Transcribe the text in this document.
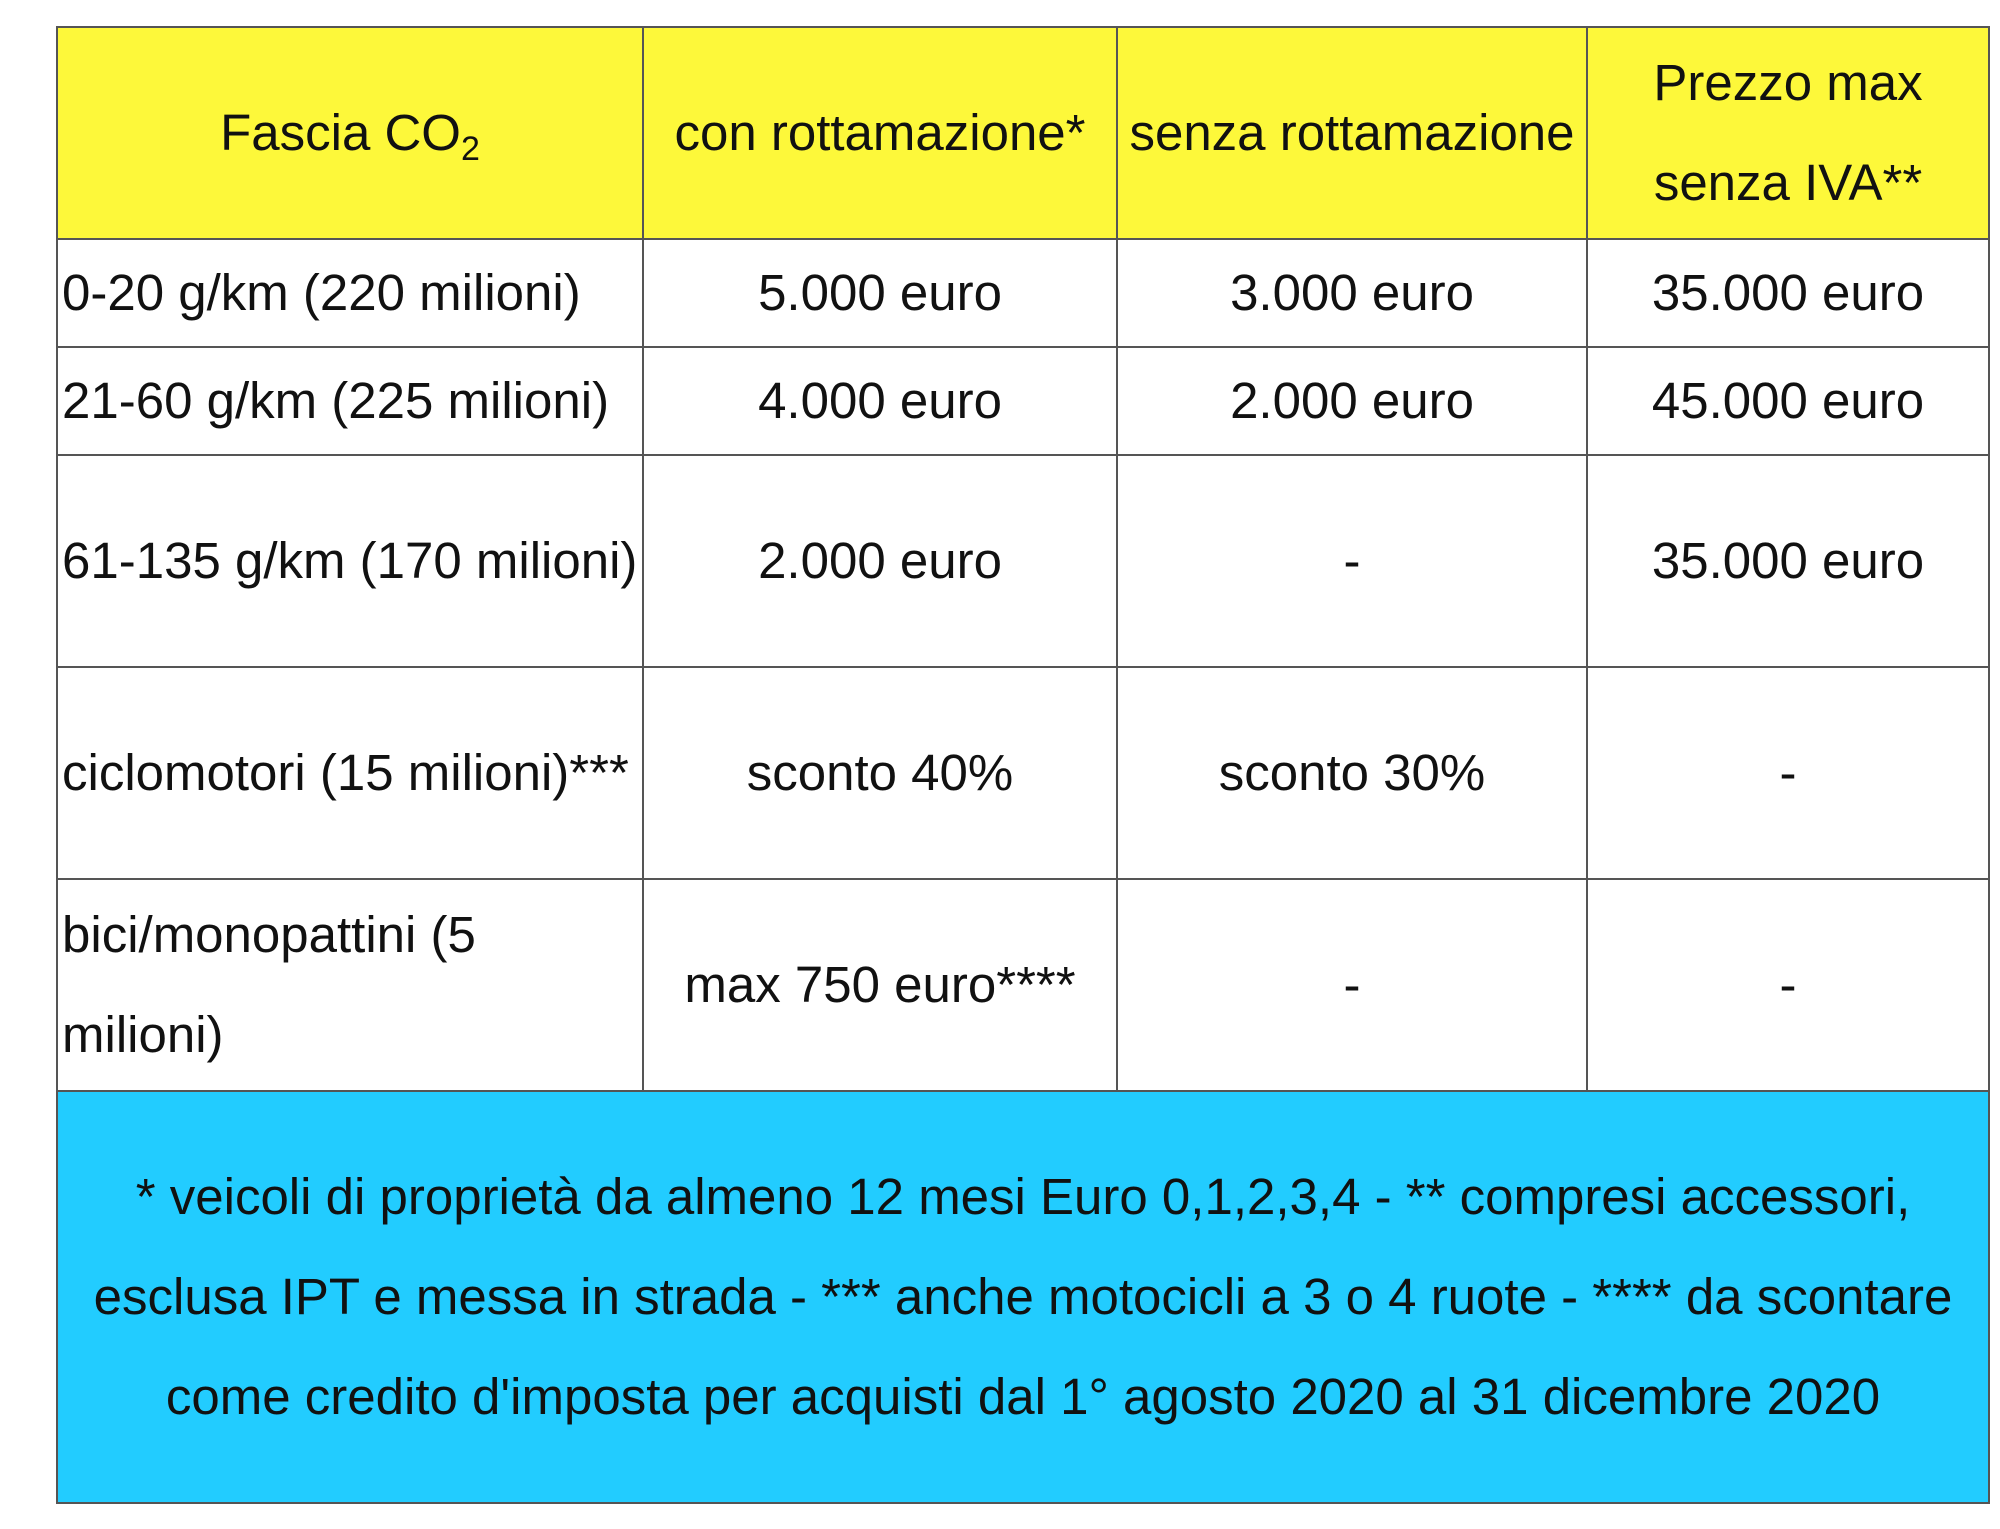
Fascia $CO_2$	con rottamazione*	senza rottamazione	Prezzo max senza IVA**
0-20 g/km (220 milioni)	5.000 euro	3.000 euro	35.000 euro
21-60 g/km (225 milioni)	4.000 euro	2.000 euro	45.000 euro
61-135 g/km (170 milioni)	2.000 euro	-	35.000 euro
ciclomotori (15 milioni)***	sconto 40%	sconto 30%	-
bici/monopattini (5 milioni)	max 750 euro****	-	-
* veicoli di proprietà da almeno 12 mesi Euro 0,1,2,3,4 - ** compresi accessori, esclusa IPT e messa in strada - *** anche motocicli a 3 o 4 ruote - **** da scontare come credito d'imposta per acquisti dal 1° agosto 2020 al 31 dicembre 2020			
